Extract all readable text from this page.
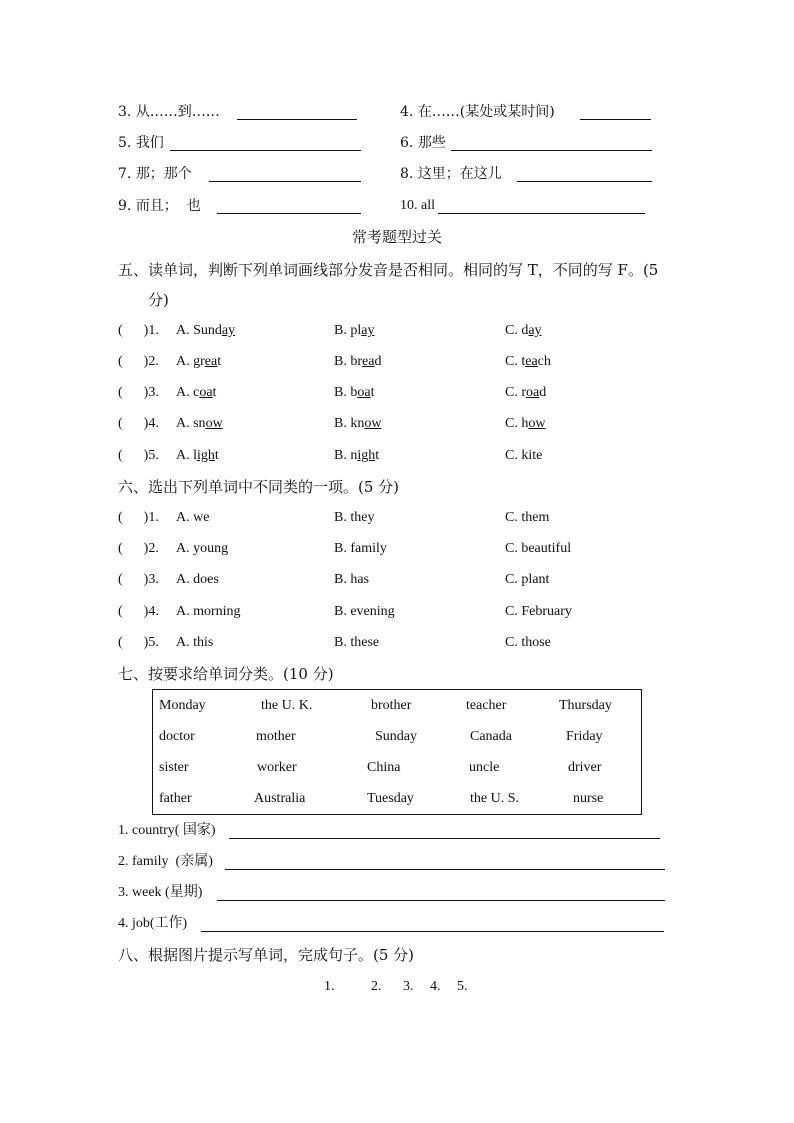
3. 从……到……	4. 在……(某处或某时间)
5. 我们	6. 那些
7. 那；那个	8. 这里；在这儿
9. 而且；  也	10. all
常考题型过关
五、读单词，判断下列单词画线部分发音是否相同。相同的写 T，不同的写 F。(5
分)
(      )1. A. Sunday	B. play	C. day
(      )2. A. great	B. bread	C. teach
(      )3. A. coat	B. boat	C. road
(      )4. A. snow	B. know	C. how
(      )5. A. light	B. night	C. kite
六、选出下列单词中不同类的一项。(5 分)
(      )1. A. we	B. they	C. them
(      )2. A. young	B. family	C. beautiful
(      )3. A. does	B. has	C. plant
(      )4. A. morning	B. evening	C. February
(      )5. A. this	B. these	C. those
七、按要求给单词分类。(10 分)
Monday	the U. K.	brother	teacher	Thursday
doctor	mother	Sunday	Canada	Friday
sister	worker	China	uncle	driver
father	Australia	Tuesday	the U. S.	nurse
1. country( 国家)
2. family  (亲属)
3. week (星期)
4. job(工作)
八、根据图片提示写单词，完成句子。(5 分)
1.	2. 3. 4. 5.
